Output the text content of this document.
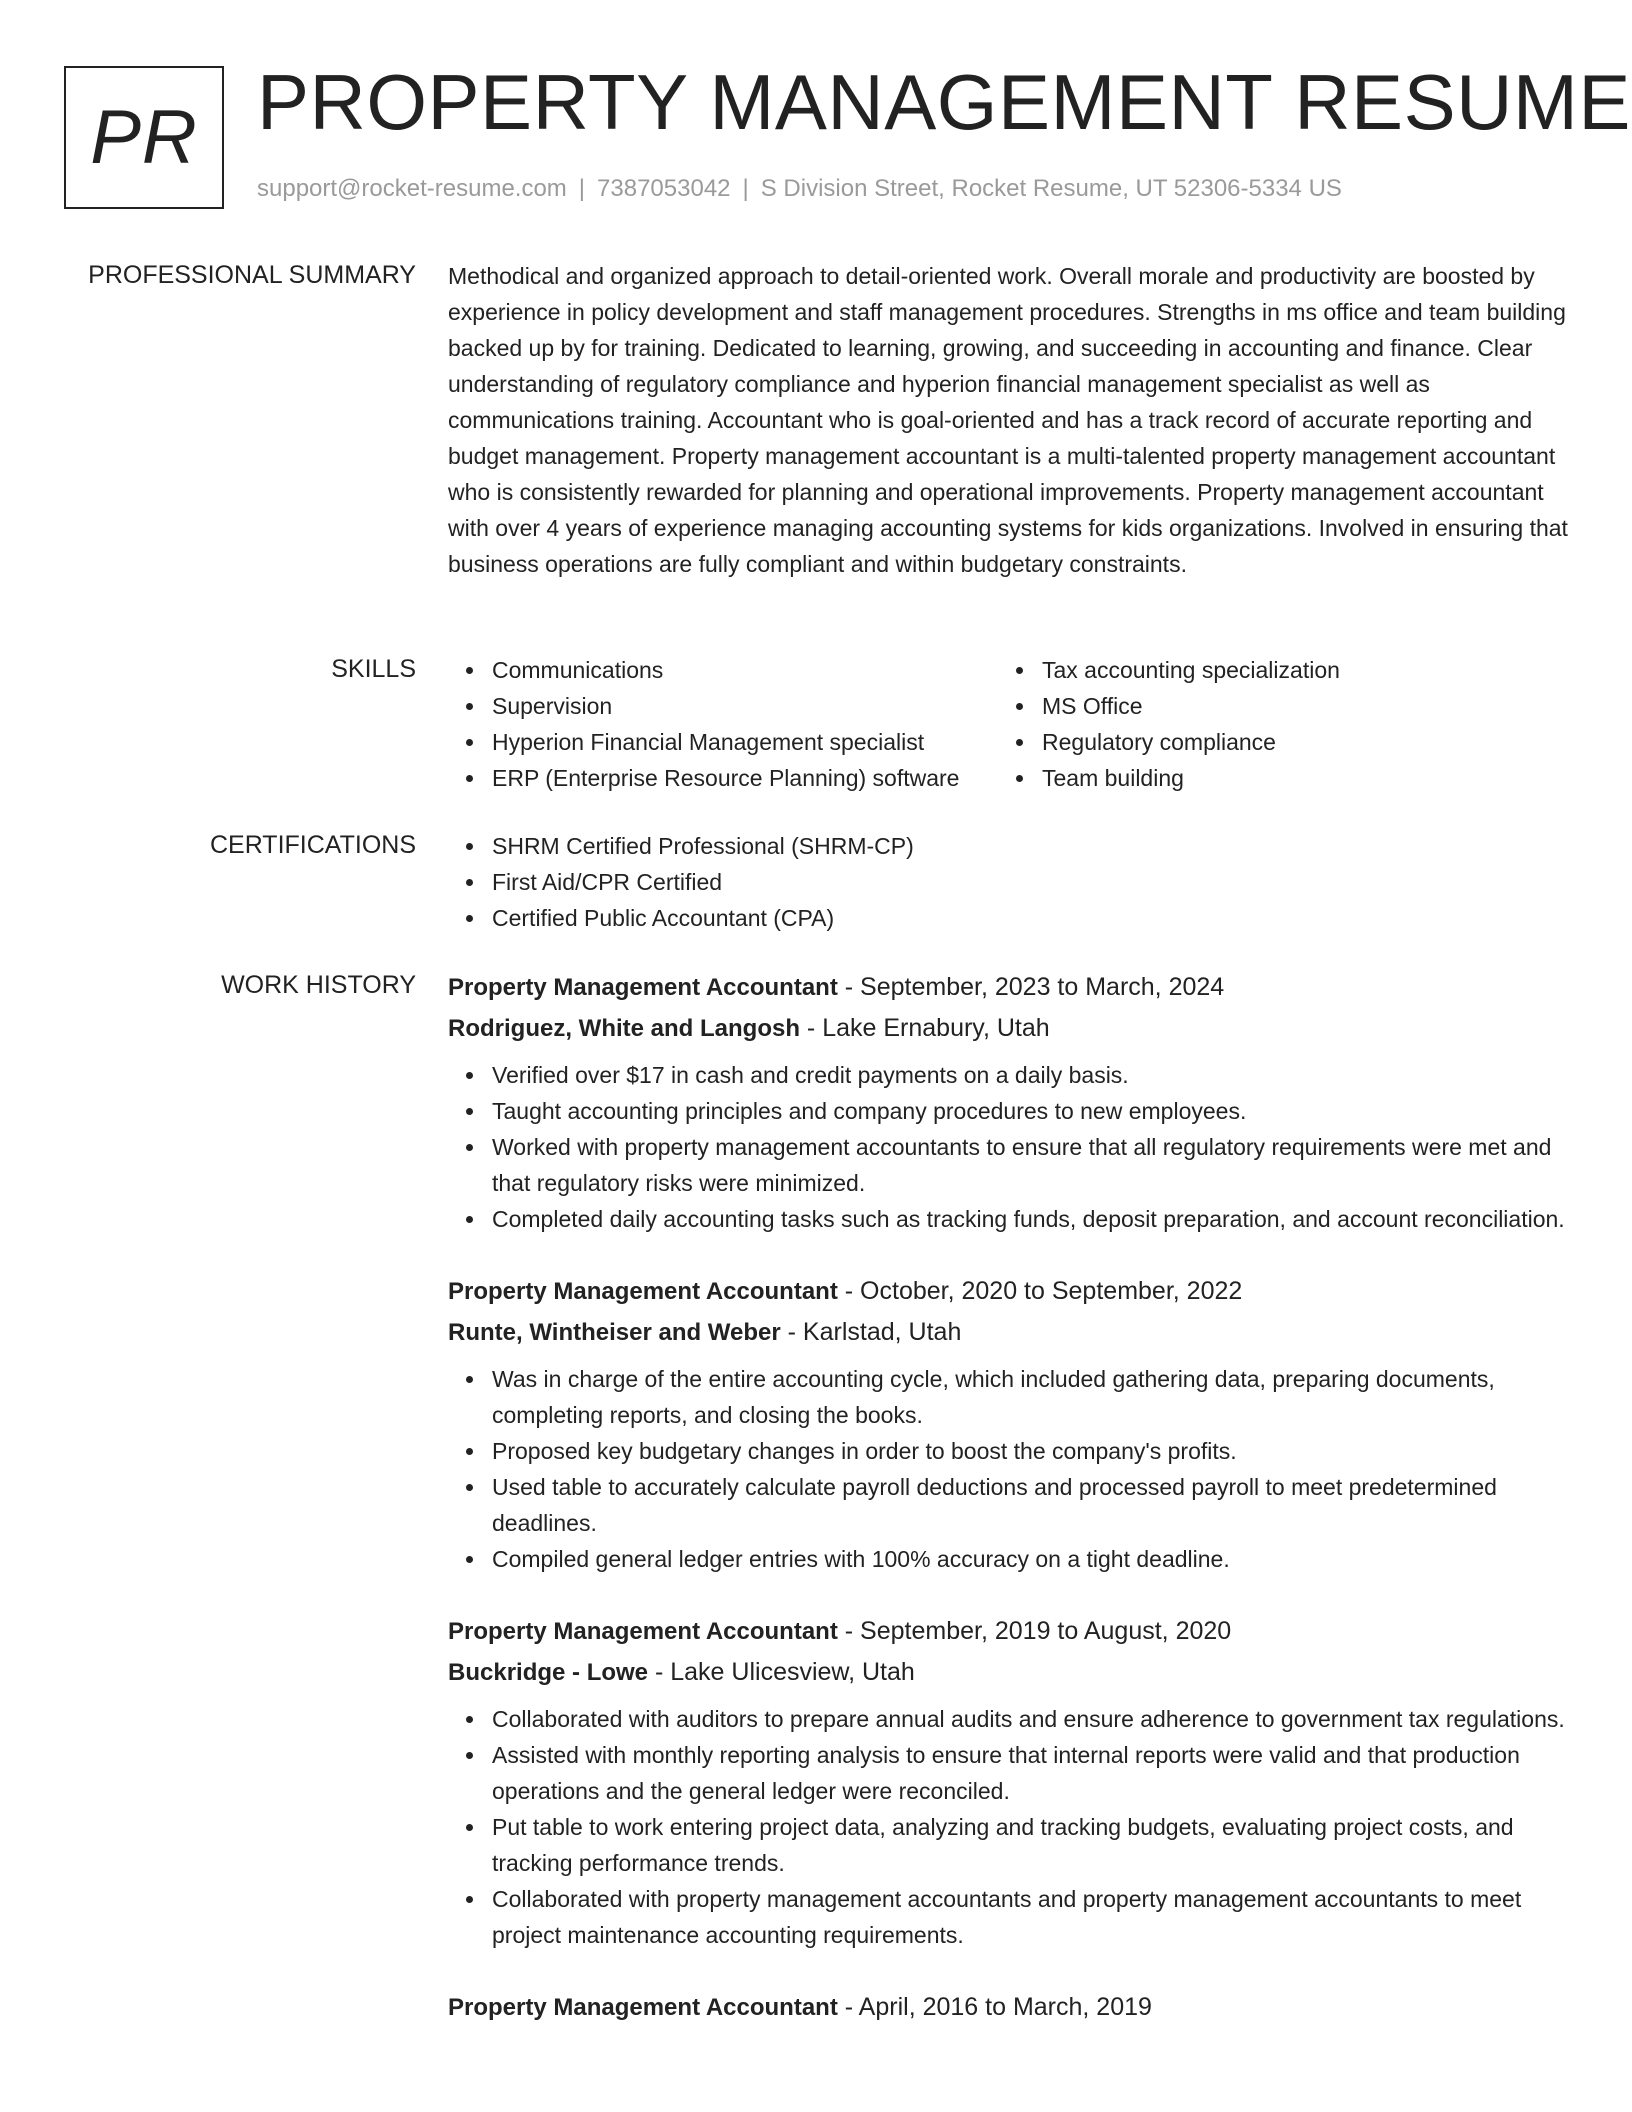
PR PROPERTY MANAGEMENT RESUME
support@rocket-resume.com | 7387053042 | S Division Street, Rocket Resume, UT 52306-5334 US
PROFESSIONAL SUMMARY Methodical and organized approach to detail-oriented work. Overall morale and productivity are boosted by experience in policy development and staff management procedures. Strengths in ms office and team building backed up by for training. Dedicated to learning, growing, and succeeding in accounting and finance. Clear understanding of regulatory compliance and hyperion financial management specialist as well as communications training. Accountant who is goal-oriented and has a track record of accurate reporting and budget management. Property management accountant is a multi-talented property management accountant who is consistently rewarded for planning and operational improvements. Property management accountant with over 4 years of experience managing accounting systems for kids organizations. Involved in ensuring that business operations are fully compliant and within budgetary constraints.
SKILLS	Communications
Supervision
Hyperion Financial Management specialist
ERP (Enterprise Resource Planning) software
Tax accounting specialization
MS Office
Regulatory compliance
Team building
CERTIFICATIONS	SHRM Certified Professional (SHRM-CP)
First Aid/CPR Certified
Certified Public Accountant (CPA)
WORK HISTORY Property Management Accountant - September, 2023 to March, 2024
Rodriguez, White and Langosh - Lake Ernabury, Utah
Verified over $17 in cash and credit payments on a daily basis.
Taught accounting principles and company procedures to new employees.
Worked with property management accountants to ensure that all regulatory requirements were met and that regulatory risks were minimized.
Completed daily accounting tasks such as tracking funds, deposit preparation, and account reconciliation.
Property Management Accountant - October, 2020 to September, 2022
Runte, Wintheiser and Weber - Karlstad, Utah
Was in charge of the entire accounting cycle, which included gathering data, preparing documents, completing reports, and closing the books.
Proposed key budgetary changes in order to boost the company's profits.
Used table to accurately calculate payroll deductions and processed payroll to meet predetermined deadlines.
Compiled general ledger entries with 100% accuracy on a tight deadline.
Property Management Accountant - September, 2019 to August, 2020
Buckridge - Lowe - Lake Ulicesview, Utah
Collaborated with auditors to prepare annual audits and ensure adherence to government tax regulations.
Assisted with monthly reporting analysis to ensure that internal reports were valid and that production operations and the general ledger were reconciled.
Put table to work entering project data, analyzing and tracking budgets, evaluating project costs, and tracking performance trends.
Collaborated with property management accountants and property management accountants to meet project maintenance accounting requirements.
Property Management Accountant - April, 2016 to March, 2019
